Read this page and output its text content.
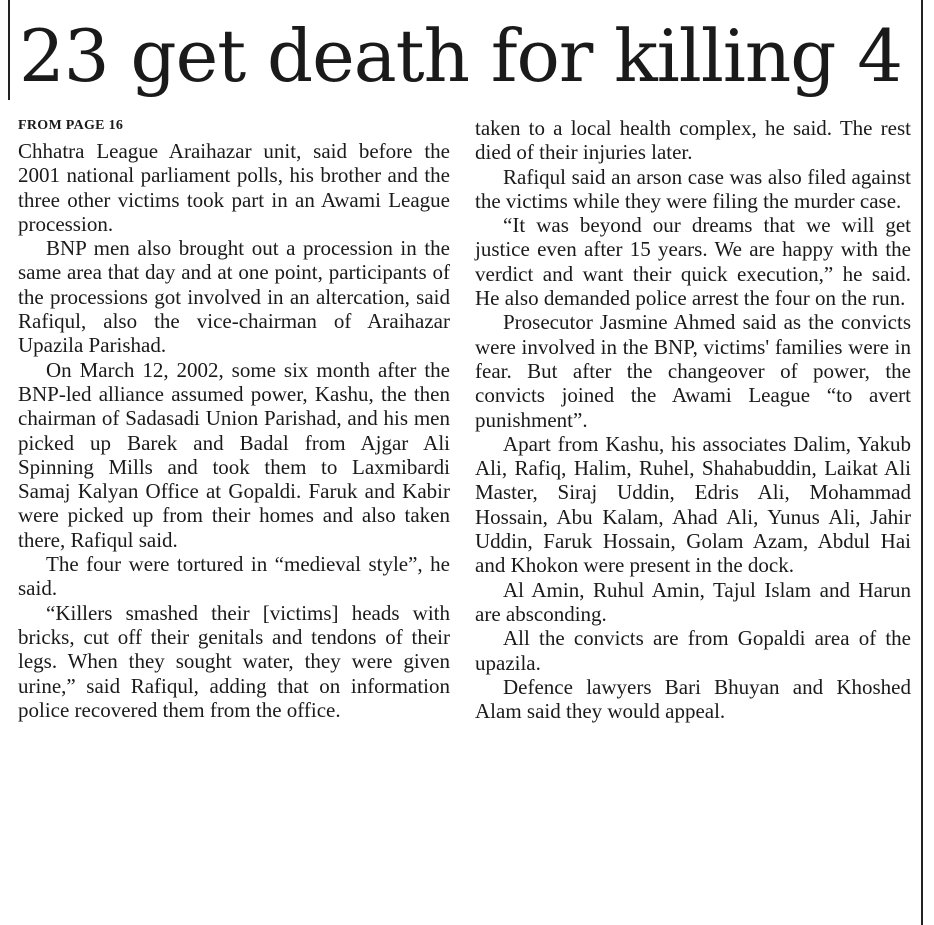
23 get death for killing 4
FROM PAGE 16

Chhatra League Araihazar unit, said before the 2001 national parliament polls, his brother and the three other victims took part in an Awami League procession.

BNP men also brought out a procession in the same area that day and at one point, participants of the processions got involved in an altercation, said Rafiqul, also the vice-chairman of Araihazar Upazila Parishad.

On March 12, 2002, some six month after the BNP-led alliance assumed power, Kashu, the then chairman of Sadasadi Union Parishad, and his men picked up Barek and Badal from Ajgar Ali Spinning Mills and took them to Laxmibardi Samaj Kalyan Office at Gopaldi. Faruk and Kabir were picked up from their homes and also taken there, Rafiqul said.

The four were tortured in “medieval style”, he said.

“Killers smashed their [victims] heads with bricks, cut off their genitals and tendons of their legs. When they sought water, they were given urine,” said Rafiqul, adding that on information police recovered them from the office.

taken to a local health complex, he said. The rest died of their injuries later.

Rafiqul said an arson case was also filed against the victims while they were filing the murder case.

“It was beyond our dreams that we will get justice even after 15 years. We are happy with the verdict and want their quick execution,” he said. He also demanded police arrest the four on the run.

Prosecutor Jasmine Ahmed said as the convicts were involved in the BNP, victims' families were in fear. But after the changeover of power, the convicts joined the Awami League “to avert punishment”.

Apart from Kashu, his associates Dalim, Yakub Ali, Rafiq, Halim, Ruhel, Shahabuddin, Laikat Ali Master, Siraj Uddin, Edris Ali, Mohammad Hossain, Abu Kalam, Ahad Ali, Yunus Ali, Jahir Uddin, Faruk Hossain, Golam Azam, Abdul Hai and Khokon were present in the dock.

Al Amin, Ruhul Amin, Tajul Islam and Harun are absconding.

All the convicts are from Gopaldi area of the upazila.

Defence lawyers Bari Bhuyan and Khoshed Alam said they would appeal.
